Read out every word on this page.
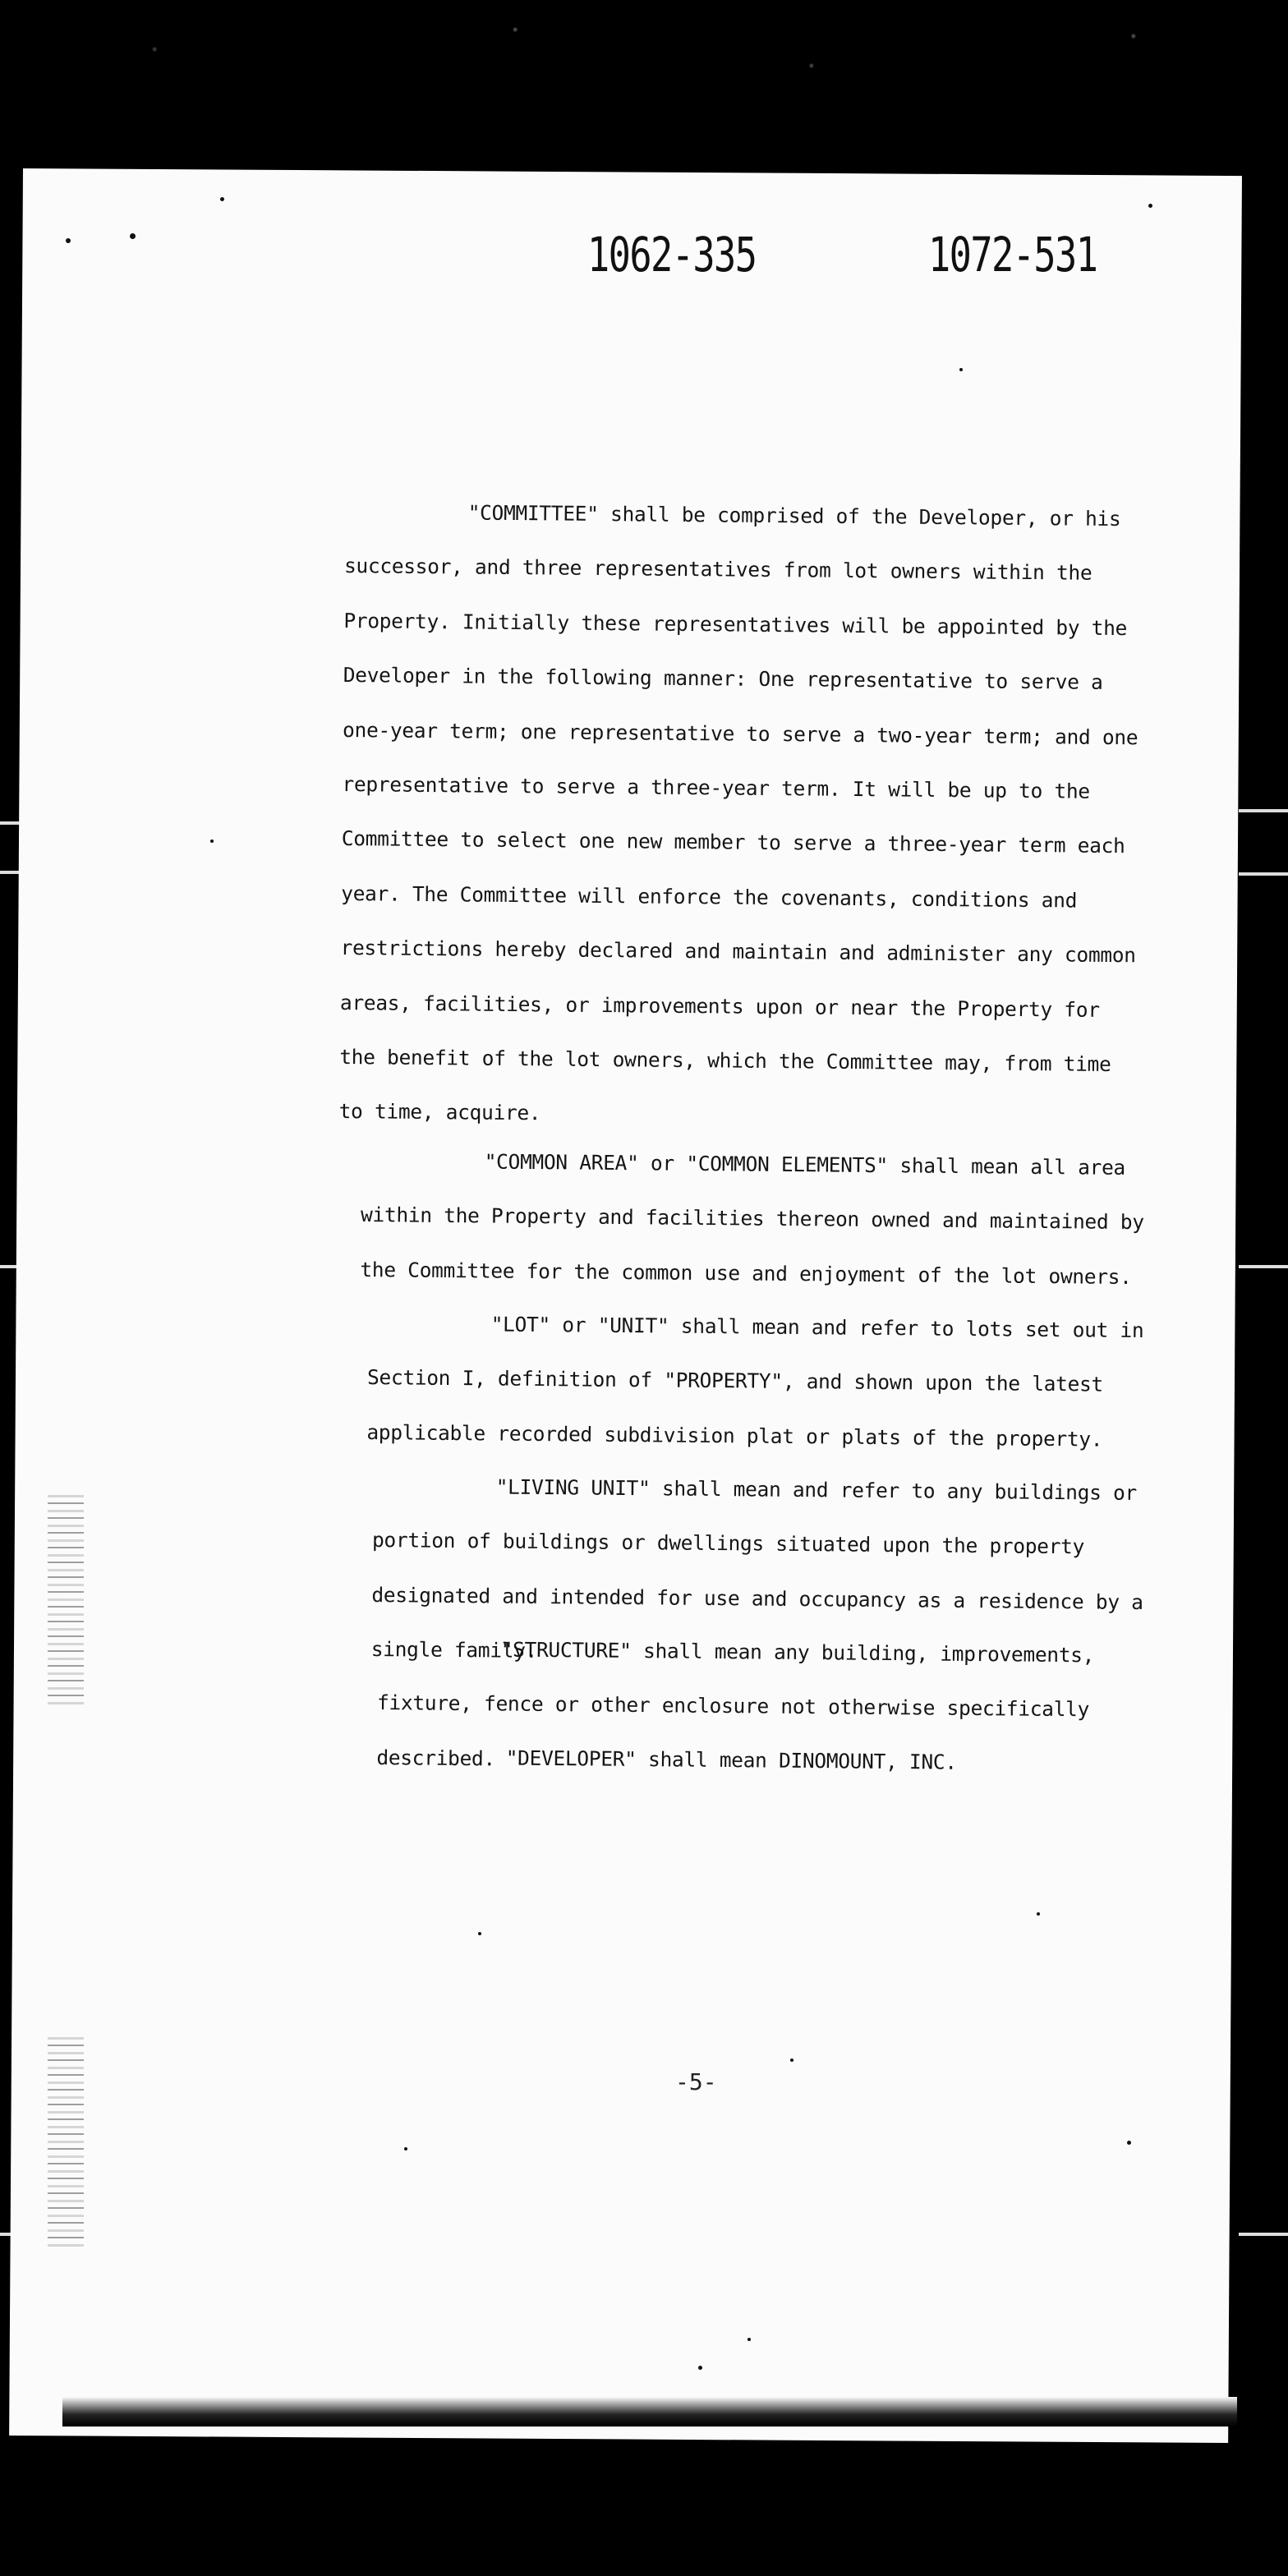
1062-335	1072-531

"COMMITTEE" shall be comprised of the Developer, or his successor, and three representatives from lot owners within the Property. Initially these representatives will be appointed by the Developer in the following manner: One representative to serve a one-year term; one representative to serve a two-year term; and one representative to serve a three-year term. It will be up to the Committee to select one new member to serve a three-year term each year. The Committee will enforce the covenants, conditions and restrictions hereby declared and maintain and administer any common areas, facilities, or improvements upon or near the Property for the benefit of the lot owners, which the Committee may, from time to time, acquire.

"COMMON AREA" or "COMMON ELEMENTS" shall mean all area within the Property and facilities thereon owned and maintained by the Committee for the common use and enjoyment of the lot owners.

"LOT" or "UNIT" shall mean and refer to lots set out in Section I, definition of "PROPERTY", and shown upon the latest applicable recorded subdivision plat or plats of the property.

"LIVING UNIT" shall mean and refer to any buildings or portion of buildings or dwellings situated upon the property designated and intended for use and occupancy as a residence by a single family.

"STRUCTURE" shall mean any building, improvements, fixture, fence or other enclosure not otherwise specifically described. "DEVELOPER" shall mean DINOMOUNT, INC.

-5-
